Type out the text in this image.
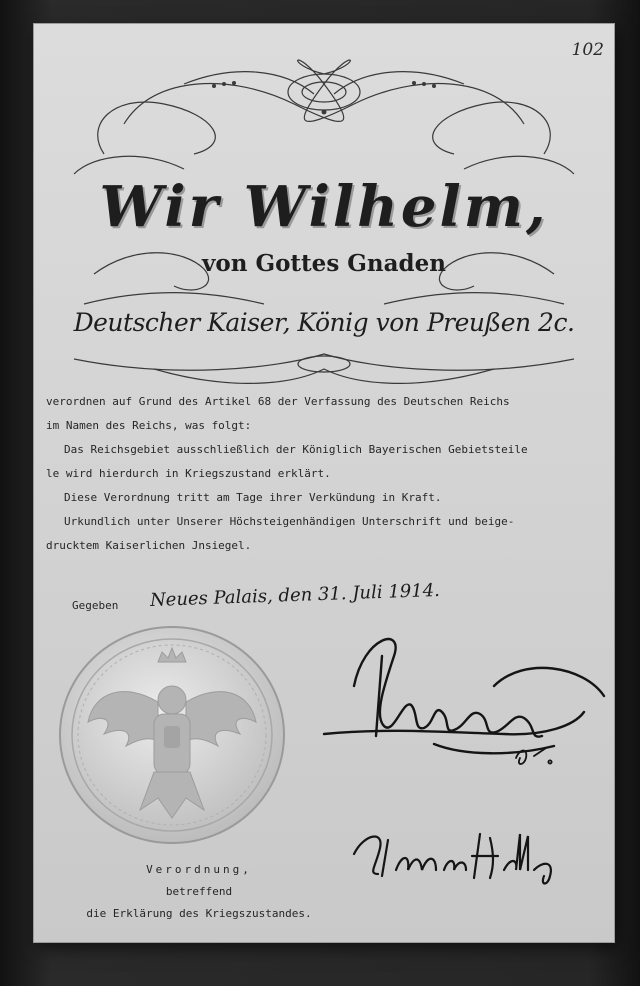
102
Wir Wilhelm,
von Gottes Gnaden
Deutscher Kaiser, König von Preußen 2c.

verordnen auf Grund des Artikel 68 der Verfassung des Deutschen Reichs

im Namen des Reichs, was folgt:

Das Reichsgebiet ausschließlich der Königlich Bayerischen Gebietsteile

le wird hierdurch in Kriegszustand erklärt.

Diese Verordnung tritt am Tage ihrer Verkündung in Kraft.

Urkundlich unter Unserer Höchsteigenhändigen Unterschrift und beige-

drucktem Kaiserlichen Jnsiegel.

Gegeben Neues Palais, den 31. Juli 1914.
Verordnung,
betreffend
die Erklärung des Kriegszustandes.
